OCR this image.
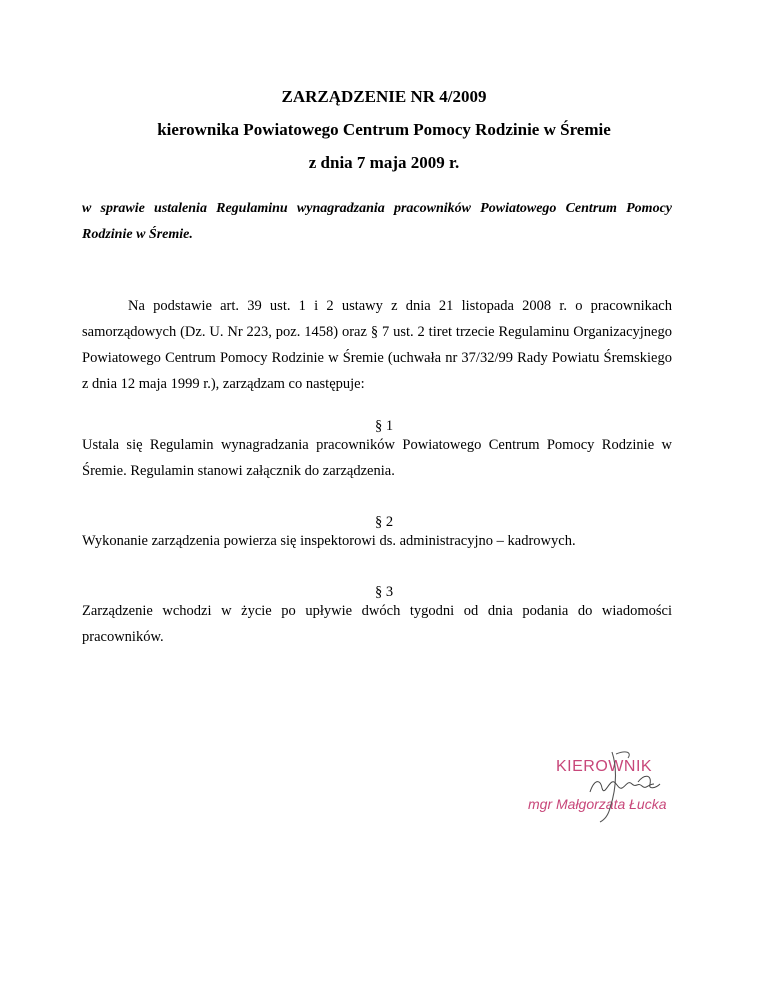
ZARZĄDZENIE NR 4/2009
kierownika Powiatowego Centrum Pomocy Rodzinie w Śremie
z dnia 7 maja 2009 r.
w sprawie ustalenia Regulaminu wynagradzania pracowników Powiatowego Centrum Pomocy Rodzinie w Śremie.
Na podstawie art. 39 ust. 1 i 2 ustawy z dnia 21 listopada 2008 r. o pracownikach samorządowych (Dz. U. Nr 223, poz. 1458) oraz § 7 ust. 2 tiret trzecie Regulaminu Organizacyjnego Powiatowego Centrum Pomocy Rodzinie w Śremie (uchwała nr 37/32/99 Rady Powiatu Śremskiego z dnia 12 maja 1999 r.), zarządzam co następuje:
§ 1
Ustala się Regulamin wynagradzania pracowników Powiatowego Centrum Pomocy Rodzinie w Śremie. Regulamin stanowi załącznik do zarządzenia.
§ 2
Wykonanie zarządzenia powierza się inspektorowi ds. administracyjno – kadrowych.
§ 3
Zarządzenie wchodzi w życie po upływie dwóch tygodni od dnia podania do wiadomości pracowników.
KIEROWNIK
mgr Małgorzata Łucka
